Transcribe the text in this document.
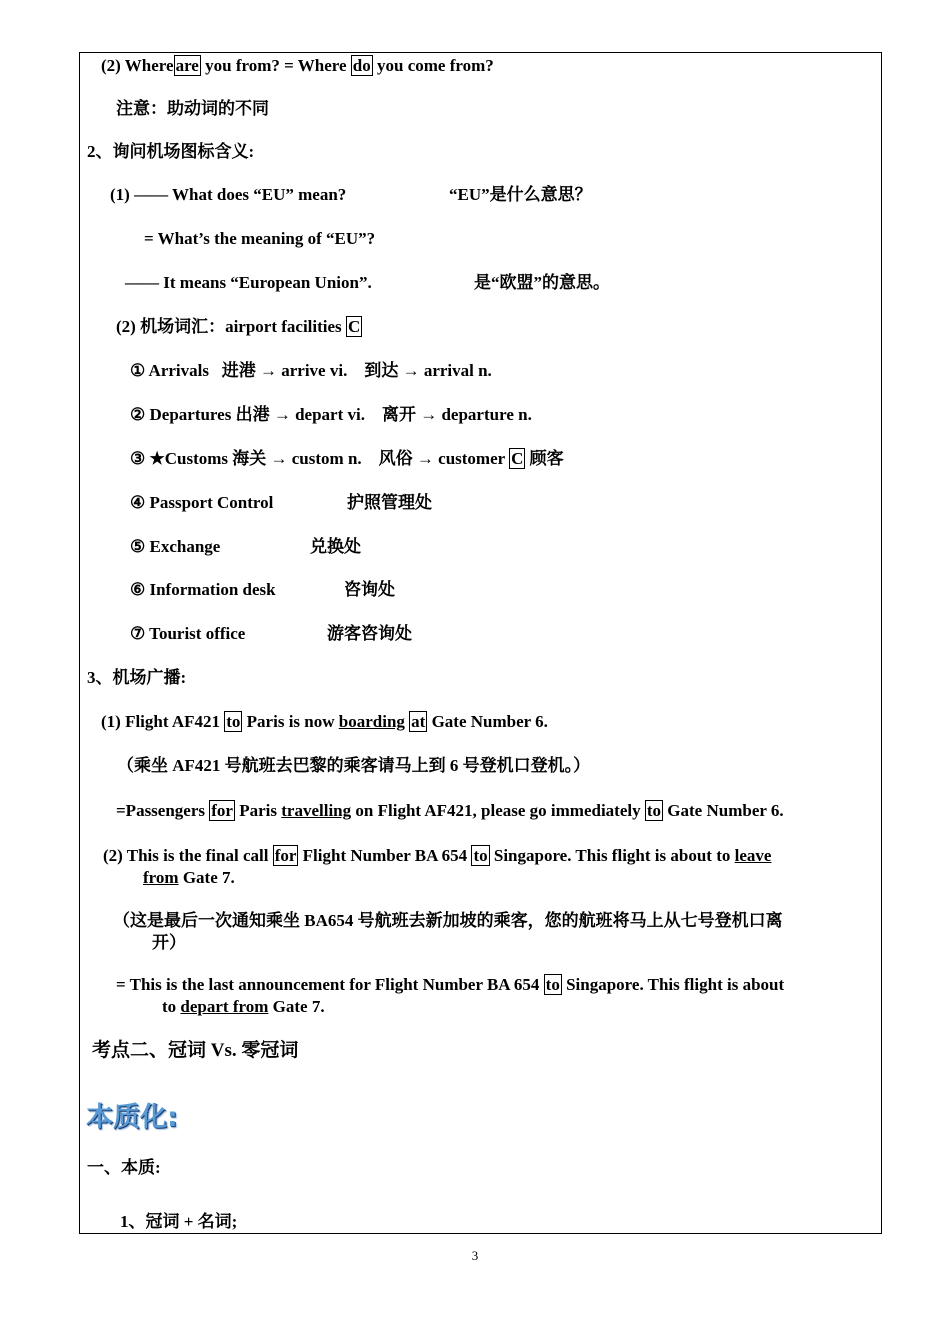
(2) Where are you from? = Where do you come from?
注意：助动词的不同
2、询问机场图标含义:
(1) —— What does “EU” mean?	“EU”是什么意思？
= What’s the meaning of “EU”?
—— It means “European Union”.	是“欧盟”的意思。
(2) 机场词汇：airport facilities C
① Arrivals   进港 → arrive vi.    到达 → arrival n.
② Departures 出港 → depart vi.    离开 → departure n.
③ ★Customs 海关 → custom n.    风俗 → customer C 顾客
④ Passport Control	护照管理处
⑤ Exchange	兑换处
⑥ Information desk	咨询处
⑦ Tourist office	游客咨询处
3、机场广播:
(1) Flight AF421 to Paris is now boarding at Gate Number 6.
（乘坐 AF421 号航班去巴黎的乘客请马上到 6 号登机口登机。）
=Passengers for Paris travelling on Flight AF421, please go immediately to Gate Number 6.
(2) This is the final call for Flight Number BA 654 to Singapore. This flight is about to leave
from Gate 7.
（这是最后一次通知乘坐 BA654 号航班去新加坡的乘客，您的航班将马上从七号登机口离
开）
= This is the last announcement for Flight Number BA 654 to Singapore. This flight is about
to depart from Gate 7.
考点二、冠词 Vs. 零冠词
本质化:
一、本质:
1、冠词 + 名词;
3
